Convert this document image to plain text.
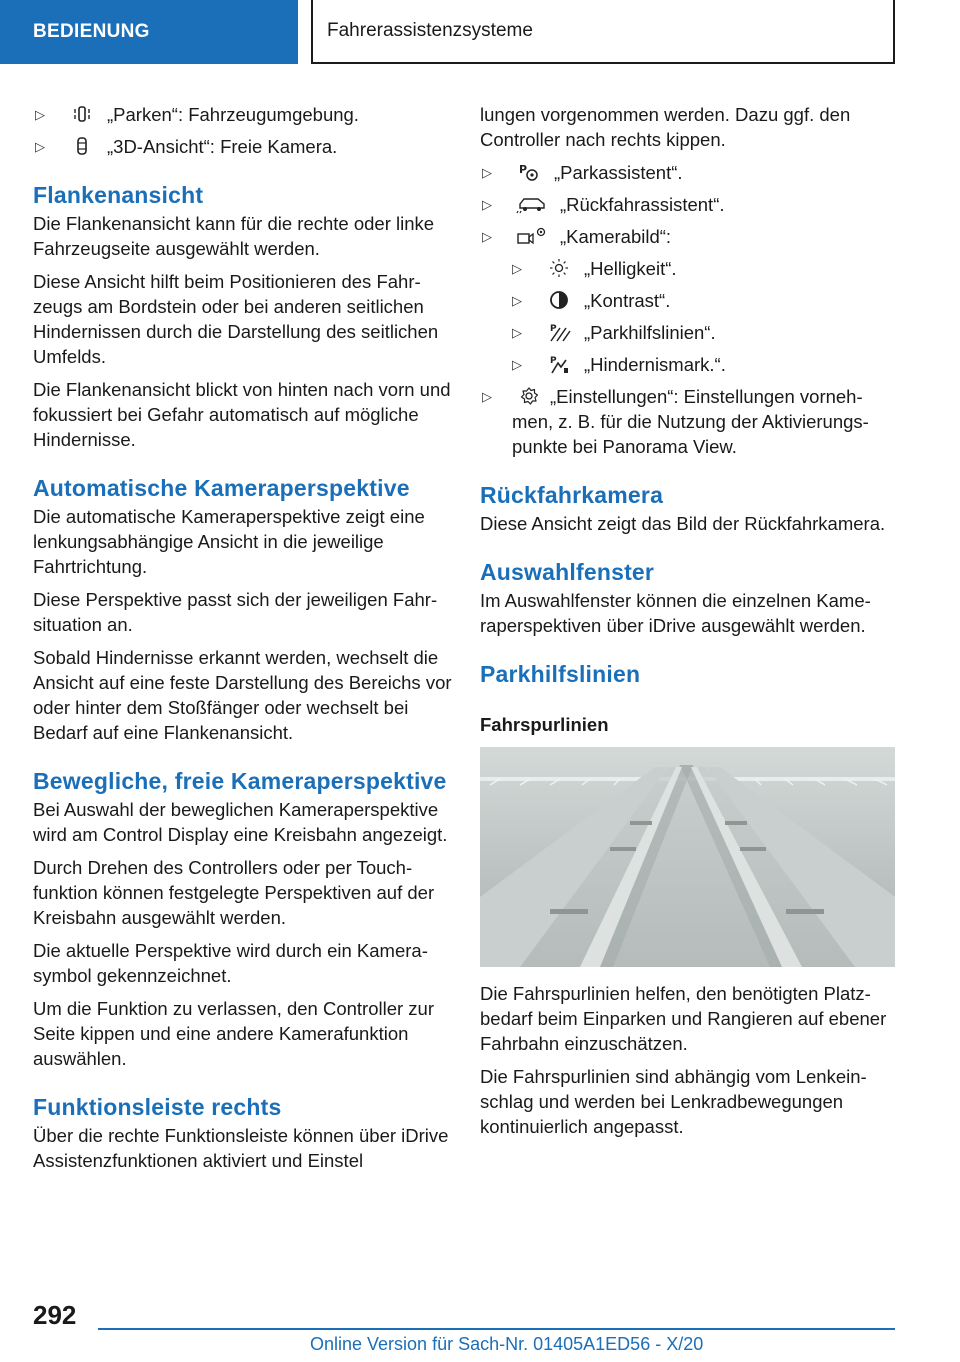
BEDIENUNG	Fahrerassistenzsysteme
▷	„Parken“: Fahrzeugumgebung.
▷	„3D-Ansicht“: Freie Kamera.
Flankenansicht

Die Flankenansicht kann für die rechte oder linke Fahrzeugseite ausgewählt werden.

Diese Ansicht hilft beim Positionieren des Fahrzeugs am Bordstein oder bei anderen seitlichen Hindernissen durch die Darstellung des seitlichen Umfelds.

Die Flankenansicht blickt von hinten nach vorn und fokussiert bei Gefahr automatisch auf mögliche Hindernisse.

Automatische Kameraperspektive

Die automatische Kameraperspektive zeigt eine lenkungsabhängige Ansicht in die jeweilige Fahrtrichtung.

Diese Perspektive passt sich der jeweiligen Fahrsituation an.

Sobald Hindernisse erkannt werden, wechselt die Ansicht auf eine feste Darstellung des Bereichs vor oder hinter dem Stoßfänger oder wechselt bei Bedarf auf eine Flankenansicht.

Bewegliche, freie Kameraperspektive

Bei Auswahl der beweglichen Kameraperspektive wird am Control Display eine Kreisbahn angezeigt.

Durch Drehen des Controllers oder per Touchfunktion können festgelegte Perspektiven auf der Kreisbahn ausgewählt werden.

Die aktuelle Perspektive wird durch ein Kamerasymbol gekennzeichnet.

Um die Funktion zu verlassen, den Controller zur Seite kippen und eine andere Kamerafunktion auswählen.

Funktionsleiste rechts

Über die rechte Funktionsleiste können über iDrive Assistenzfunktionen aktiviert und Einstel

lungen vorgenommen werden. Dazu ggf. den Controller nach rechts kippen.

▷ P „Parkassistent“.
▷	„Rückfahrassistent“.
▷	„Kamerabild“:
▷	„Helligkeit“.
▷	„Kontrast“.
▷	P „Parkhilfslinien“.
▷	P „Hindernismark.“.
▷	„Einstellungen“: Einstellungen vornehmen, z. B. für die Nutzung der Aktivierungspunkte bei Panorama View.
Rückfahrkamera

Diese Ansicht zeigt das Bild der Rückfahrkamera.

Auswahlfenster

Im Auswahlfenster können die einzelnen Kameraperspektiven über iDrive ausgewählt werden.

Parkhilfslinien
Fahrspurlinien

Die Fahrspurlinien helfen, den benötigten Platzbedarf beim Einparken und Rangieren auf ebener Fahrbahn einzuschätzen.

Die Fahrspurlinien sind abhängig vom Lenkeinschlag und werden bei Lenkradbewegungen kontinuierlich angepasst.

292
Online Version für Sach-Nr. 01405A1ED56 - X/20
